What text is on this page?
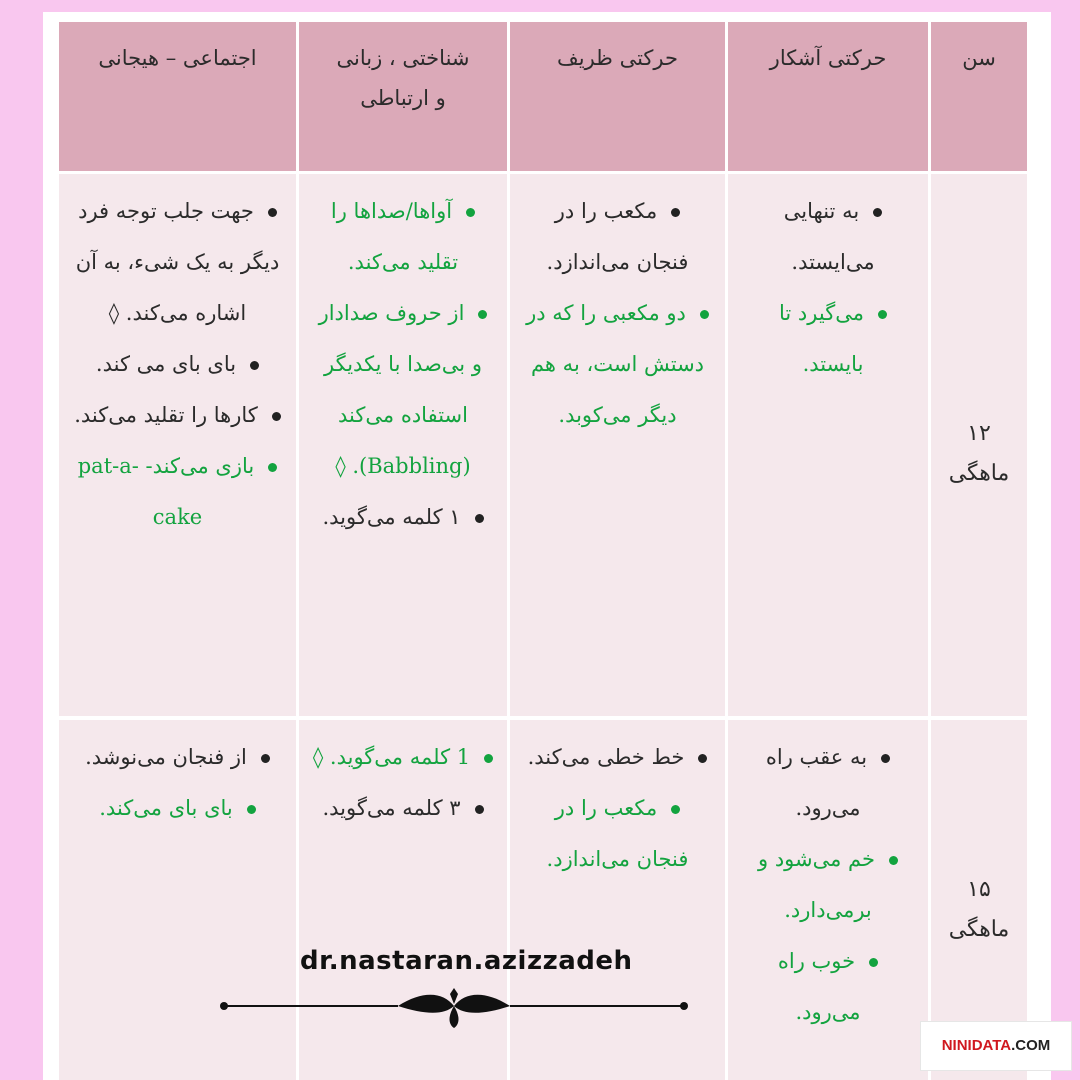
سن
حرکتی آشکار
حرکتی ظریف
شناختی ، زبانی و ارتباطی
اجتماعی – هیجانی
۱۲ ماهگی
به تنهایی می‌ایستد.
می‌گیرد تا بایستد.
مکعب را در فنجان می‌اندازد.
دو مکعبی را که در دستش است، به هم دیگر می‌کوبد.
آواها/صداها را تقلید می‌کند.
از حروف صدادار و بی‌صدا با یکدیگر استفاده می‌کند (Babbling). ◊
۱ کلمه می‌گوید.
جهت جلب توجه فرد دیگر به یک شیء، به آن اشاره می‌کند. ◊
بای بای می کند.
کارها را تقلید می‌کند.
بازی می‌کند- pat-a-cake
۱۵ ماهگی
به عقب راه می‌رود.
خم می‌شود و برمی‌دارد.
خوب راه می‌رود.
خط خطی می‌کند.
مکعب را در فنجان می‌اندازد.
1 کلمه می‌گوید. ◊
۳ کلمه می‌گوید.
از فنجان می‌نوشد.
بای بای می‌کند.
dr.nastaran.azizzadeh
NINIDATA.COM
